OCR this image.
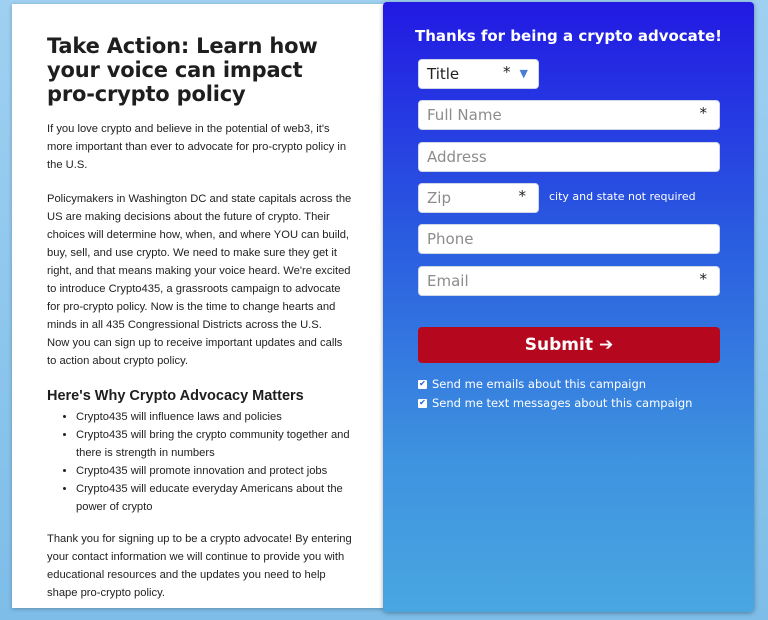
Take Action: Learn how your voice can impact pro-crypto policy

If you love crypto and believe in the potential of web3, it's more important than ever to advocate for pro-crypto policy in the U.S.

Policymakers in Washington DC and state capitals across the US are making decisions about the future of crypto. Their choices will determine how, when, and where YOU can build, buy, sell, and use crypto. We need to make sure they get it right, and that means making your voice heard. We're excited to introduce Crypto435, a grassroots campaign to advocate for pro-crypto policy. Now is the time to change hearts and minds in all 435 Congressional Districts across the U.S.

Now you can sign up to receive important updates and calls to action about crypto policy.

Here's Why Crypto Advocacy Matters
• Crypto435 will influence laws and policies
• Crypto435 will bring the crypto community together and there is strength in numbers
• Crypto435 will promote innovation and protect jobs
• Crypto435 will educate everyday Americans about the power of crypto

Thank you for signing up to be a crypto advocate! By entering your contact information we will continue to provide you with educational resources and the updates you need to help shape pro-crypto policy.

Thanks for being a crypto advocate!
Title	* ▼
Full Name
*
Address
Zip
* city and state not required
Phone
Email
*
Submit ➔
✔ Send me emails about this campaign
✔ Send me text messages about this campaign
